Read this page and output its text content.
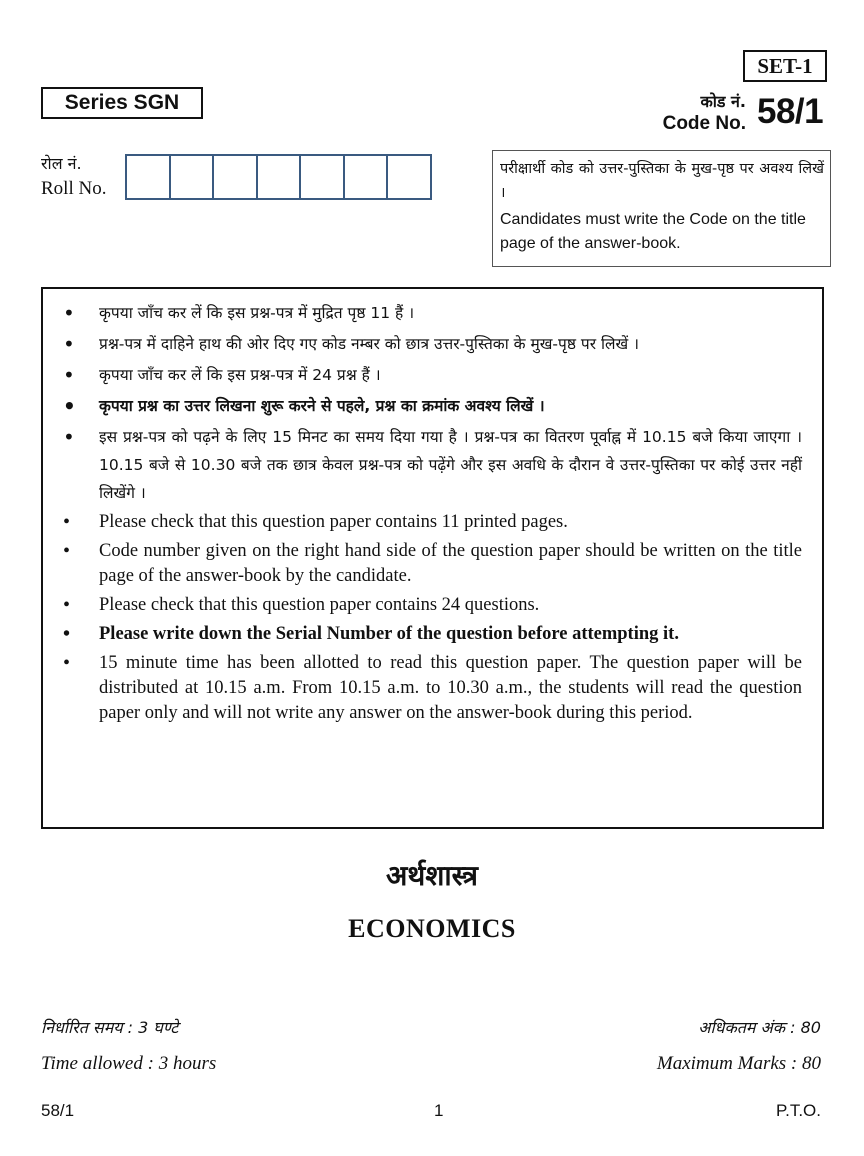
SET-1
Series SGN	कोड नं.
Code No. 58/1
रोल नं.
Roll No.
परीक्षार्थी कोड को उत्तर-पुस्तिका के मुख-पृष्ठ पर अवश्य लिखें ।
Candidates must write the Code on the title page of the answer-book.
• कृपया जाँच कर लें कि इस प्रश्न-पत्र में मुद्रित पृष्ठ 11 हैं ।
• प्रश्न-पत्र में दाहिने हाथ की ओर दिए गए कोड नम्बर को छात्र उत्तर-पुस्तिका के मुख-पृष्ठ पर लिखें ।
• कृपया जाँच कर लें कि इस प्रश्न-पत्र में 24 प्रश्न हैं ।
• कृपया प्रश्न का उत्तर लिखना शुरू करने से पहले, प्रश्न का क्रमांक अवश्य लिखें ।
• इस प्रश्न-पत्र को पढ़ने के लिए 15 मिनट का समय दिया गया है । प्रश्न-पत्र का वितरण पूर्वाह्न में 10.15 बजे किया जाएगा । 10.15 बजे से 10.30 बजे तक छात्र केवल प्रश्न-पत्र को पढ़ेंगे और इस अवधि के दौरान वे उत्तर-पुस्तिका पर कोई उत्तर नहीं लिखेंगे ।
• Please check that this question paper contains 11 printed pages.
• Code number given on the right hand side of the question paper should be written on the title page of the answer-book by the candidate.
• Please check that this question paper contains 24 questions.
• Please write down the Serial Number of the question before attempting it.
• 15 minute time has been allotted to read this question paper. The question paper will be distributed at 10.15 a.m. From 10.15 a.m. to 10.30 a.m., the students will read the question paper only and will not write any answer on the answer-book during this period.
अर्थशास्त्र
ECONOMICS
निर्धारित समय : 3 घण्टे	अधिकतम अंक : 80
Time allowed : 3 hours	Maximum Marks : 80
58/1	1	P.T.O.
